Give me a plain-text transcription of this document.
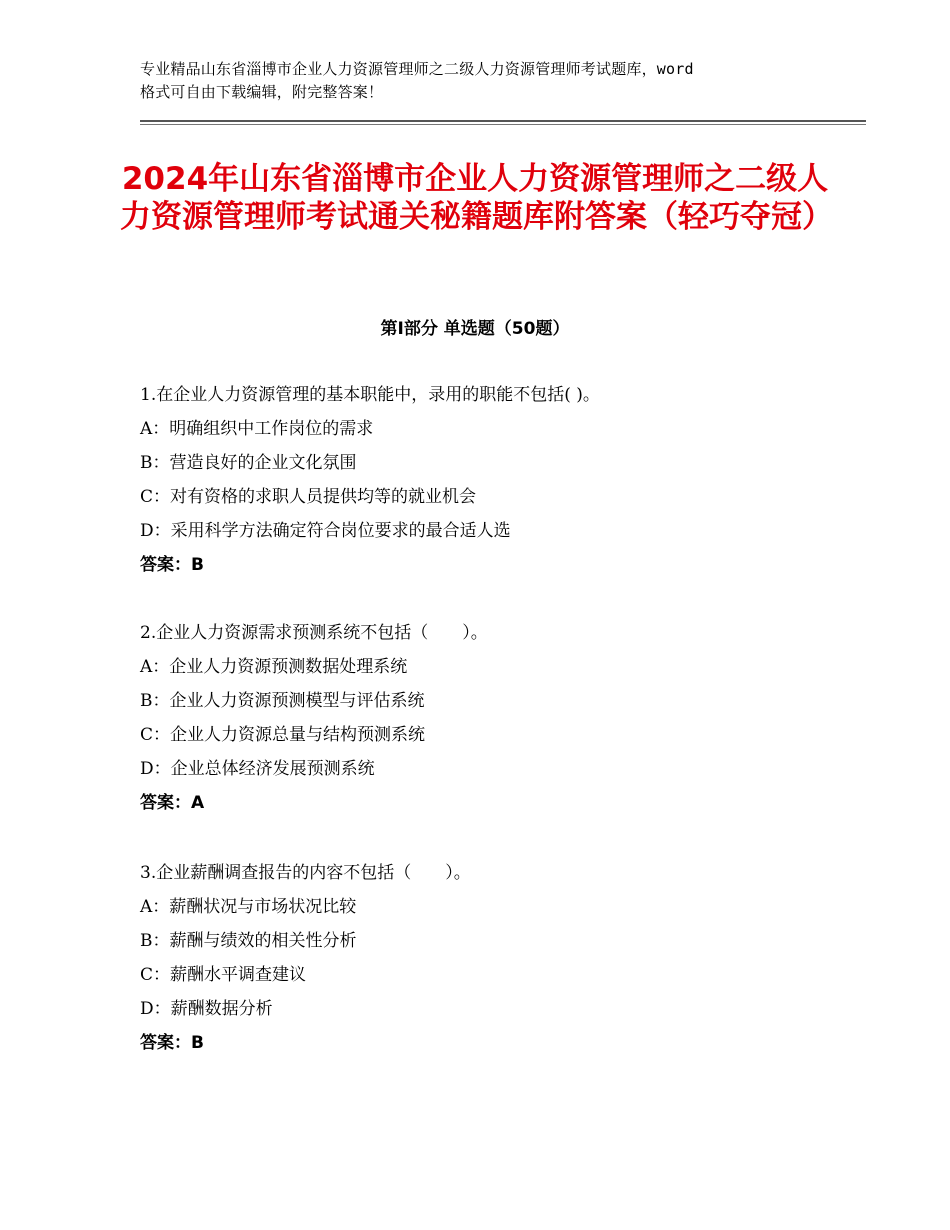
专业精品山东省淄博市企业人力资源管理师之二级人力资源管理师考试题库，word
格式可自由下载编辑，附完整答案！
2024年山东省淄博市企业人力资源管理师之二级人力资源管理师考试通关秘籍题库附答案（轻巧夺冠）
第Ⅰ部分 单选题（50题）
1.在企业人力资源管理的基本职能中，录用的职能不包括( )。
A：明确组织中工作岗位的需求
B：营造良好的企业文化氛围
C：对有资格的求职人员提供均等的就业机会
D：采用科学方法确定符合岗位要求的最合适人选
答案：B
2.企业人力资源需求预测系统不包括（　　）。
A：企业人力资源预测数据处理系统
B：企业人力资源预测模型与评估系统
C：企业人力资源总量与结构预测系统
D：企业总体经济发展预测系统
答案：A
3.企业薪酬调查报告的内容不包括（　　）。
A：薪酬状况与市场状况比较
B：薪酬与绩效的相关性分析
C：薪酬水平调查建议
D：薪酬数据分析
答案：B
